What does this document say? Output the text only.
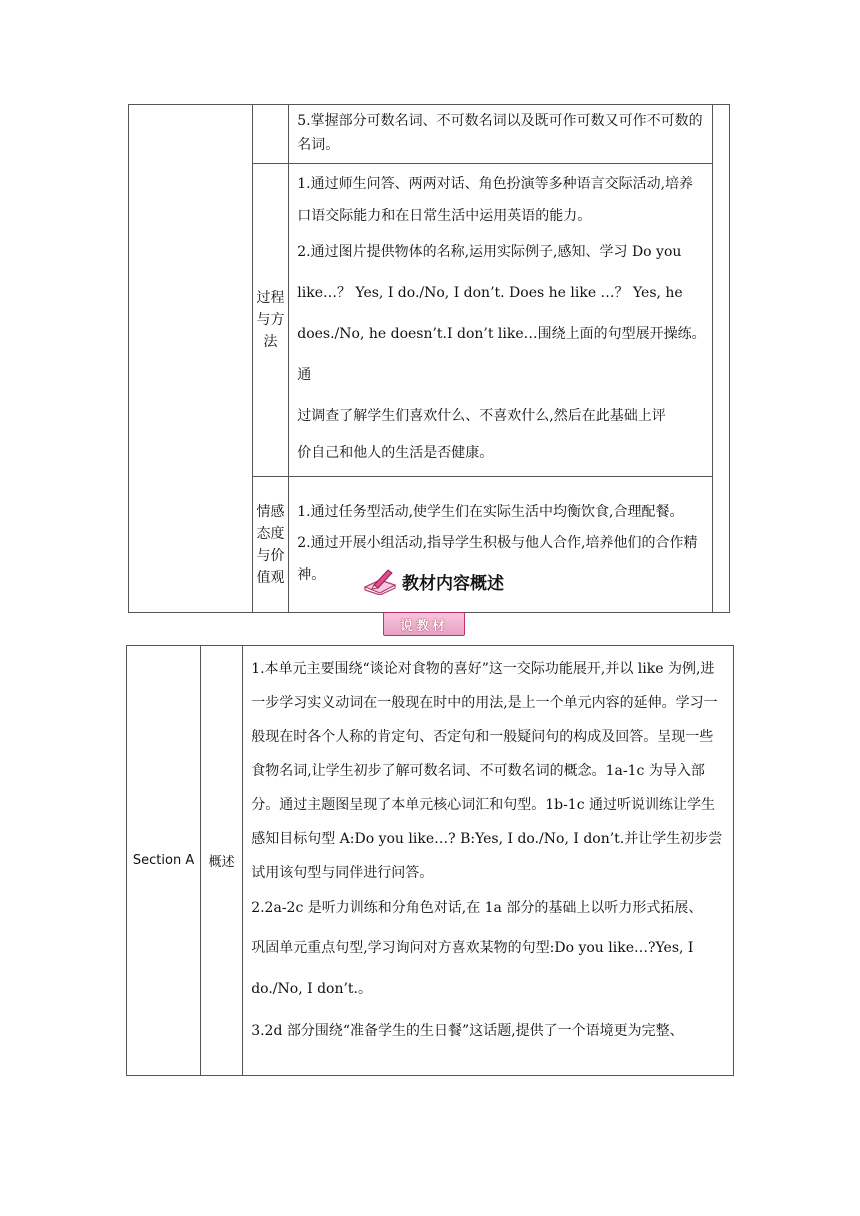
		5.掌握部分可数名词、不可数名词以及既可作可数又可作不可数的名词。	

	过程与方法	1.通过师生问答、两两对话、角色扮演等多种语言交际活动,培养口语交际能力和在日常生活中运用英语的能力。

2.通过图片提供物体的名称,运用实际例子,感知、学习 Do you like…？ Yes, I do./No, I don’t. Does he like …？ Yes, he does./No, he doesn’t.I don’t like…围绕上面的句型展开操练。通

过调查了解学生们喜欢什么、不喜欢什么,然后在此基础上评

价自己和他人的生活是否健康。	

	情感态度与价值观	1.通过任务型活动,使学生们在实际生活中均衡饮食,合理配餐。

2.通过开展小组活动,指导学生积极与他人合作,培养他们的合作精神。		教材内容概述
说教材
Section A	概述	

1.本单元主要围绕“谈论对食物的喜好”这一交际功能展开,并以 like 为例,进一步学习实义动词在一般现在时中的用法,是上一个单元内容的延伸。学习一般现在时各个人称的肯定句、否定句和一般疑问句的构成及回答。呈现一些食物名词,让学生初步了解可数名词、不可数名词的概念。1a-1c 为导入部分。通过主题图呈现了本单元核心词汇和句型。1b-1c 通过听说训练让学生感知目标句型 A:Do you like…? B:Yes, I do./No, I don’t.并让学生初步尝试用该句型与同伴进行问答。

2.2a-2c 是听力训练和分角色对话,在 1a 部分的基础上以听力形式拓展、

巩固单元重点句型,学习询问对方喜欢某物的句型:Do you like…?Yes, I

do./No, I don’t.。

3.2d 部分围绕“准备学生的生日餐”这话题,提供了一个语境更为完整、
